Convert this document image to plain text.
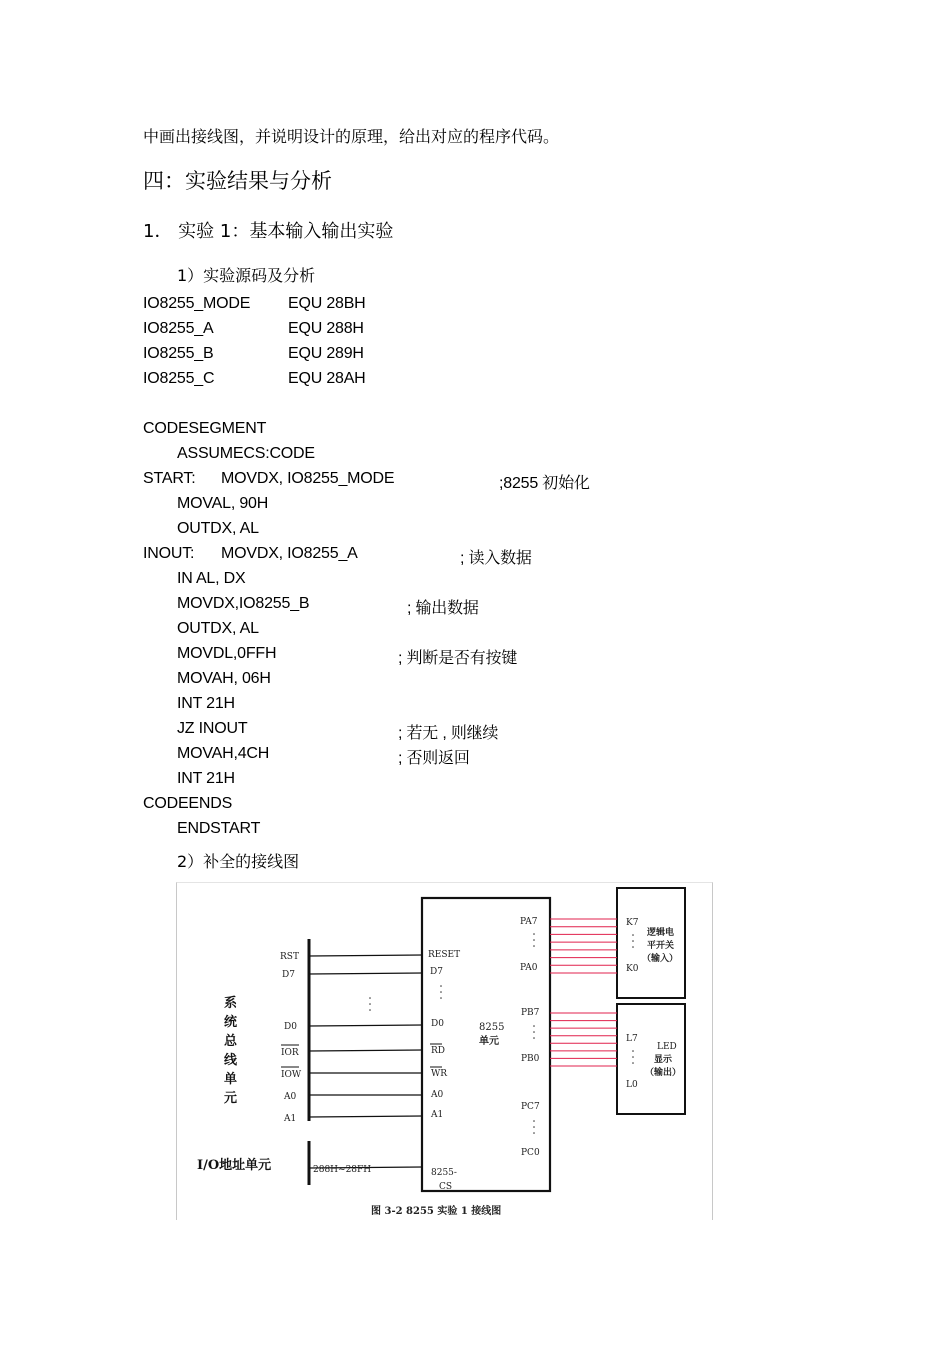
中画出接线图，并说明设计的原理，给出对应的程序代码。
四：实验结果与分析
1． 实验 1：基本输入输出实验
1）实验源码及分析
IO8255_MODE EQU 28BH
IO8255_A	EQU 288H
IO8255_B	EQU 289H
IO8255_C	EQU 28AH
CODESEGMENT
ASSUMECS:CODE
START: MOVDX, IO8255_MODE	;8255 初始化
MOVAL, 90H
OUTDX, AL
INOUT: MOVDX, IO8255_A	; 读入数据
IN AL, DX
MOVDX,IO8255_B	; 输出数据
OUTDX, AL
MOVDL,0FFH	; 判断是否有按键
MOVAH, 06H
INT 21H
JZ INOUT	; 若无 , 则继续
MOVAH,4CH	; 否则返回
INT 21H
CODEENDS
ENDSTART
2）补全的接线图
系
统
总
线
单
元
RST
D7
D0
IOR
IOW
A0
A1
RESET
D7
D0
RD
WR
A0
A1
8255-
CS
8255
单元
PA7
PA0
PB7
PB0
PC7
PC0
K7
K0
逻辑电
平开关
（输入）
L7
L0
LED
显示
（输出）
I/O地址单元	288H~28FH
图 3-2 8255 实验 1 接线图
